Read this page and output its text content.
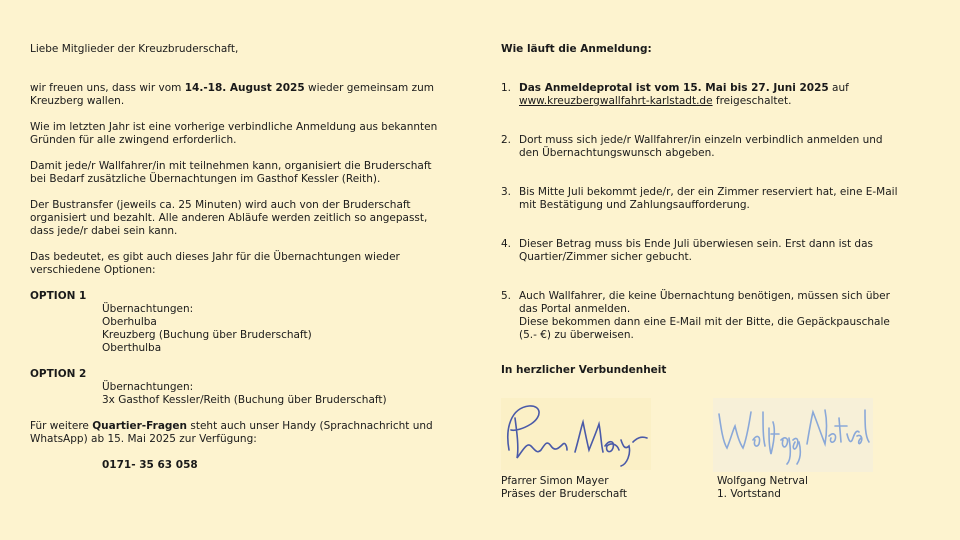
Liebe Mitglieder der Kreuzbruderschaft,

wir freuen uns, dass wir vom 14.-18. August 2025 wieder gemeinsam zum Kreuzberg wallen.

Wie im letzten Jahr ist eine vorherige verbindliche Anmeldung aus bekannten Gründen für alle zwingend erforderlich.

Damit jede/r Wallfahrer/in mit teilnehmen kann, organisiert die Bruderschaft bei Bedarf zusätzliche Übernachtungen im Gasthof Kessler (Reith).

Der Bustransfer (jeweils ca. 25 Minuten) wird auch von der Bruderschaft organisiert und bezahlt. Alle anderen Abläufe werden zeitlich so angepasst, dass jede/r dabei sein kann.

Das bedeutet, es gibt auch dieses Jahr für die Übernachtungen wieder verschiedene Optionen:

OPTION 1
Übernachtungen:
Oberhulba
Kreuzberg (Buchung über Bruderschaft)
Oberthulba
OPTION 2
Übernachtungen:
3x Gasthof Kessler/Reith (Buchung über Bruderschaft)

Für weitere Quartier-Fragen steht auch unser Handy (Sprachnachricht und WhatsApp) ab 15. Mai 2025 zur Verfügung:

0171- 35 63 058

Wie läuft die Anmeldung:

1. Das Anmeldeprotal ist vom 15. Mai bis 27. Juni 2025 auf
www.kreuzbergwallfahrt-karlstadt.de freigeschaltet.
2. Dort muss sich jede/r Wallfahrer/in einzeln verbindlich anmelden und den Übernachtungswunsch abgeben.
3. Bis Mitte Juli bekommt jede/r, der ein Zimmer reserviert hat, eine E-Mail mit Bestätigung und Zahlungsaufforderung.
4. Dieser Betrag muss bis Ende Juli überwiesen sein. Erst dann ist das Quartier/Zimmer sicher gebucht.
5. Auch Wallfahrer, die keine Übernachtung benötigen, müssen sich über das Portal anmelden.
Diese bekommen dann eine E-Mail mit der Bitte, die Gepäckpauschale (5.- €) zu überweisen.

In herzlicher Verbundenheit

Pfarrer Simon Mayer
Präses der Bruderschaft
Wolfgang Netrval
1. Vortstand
